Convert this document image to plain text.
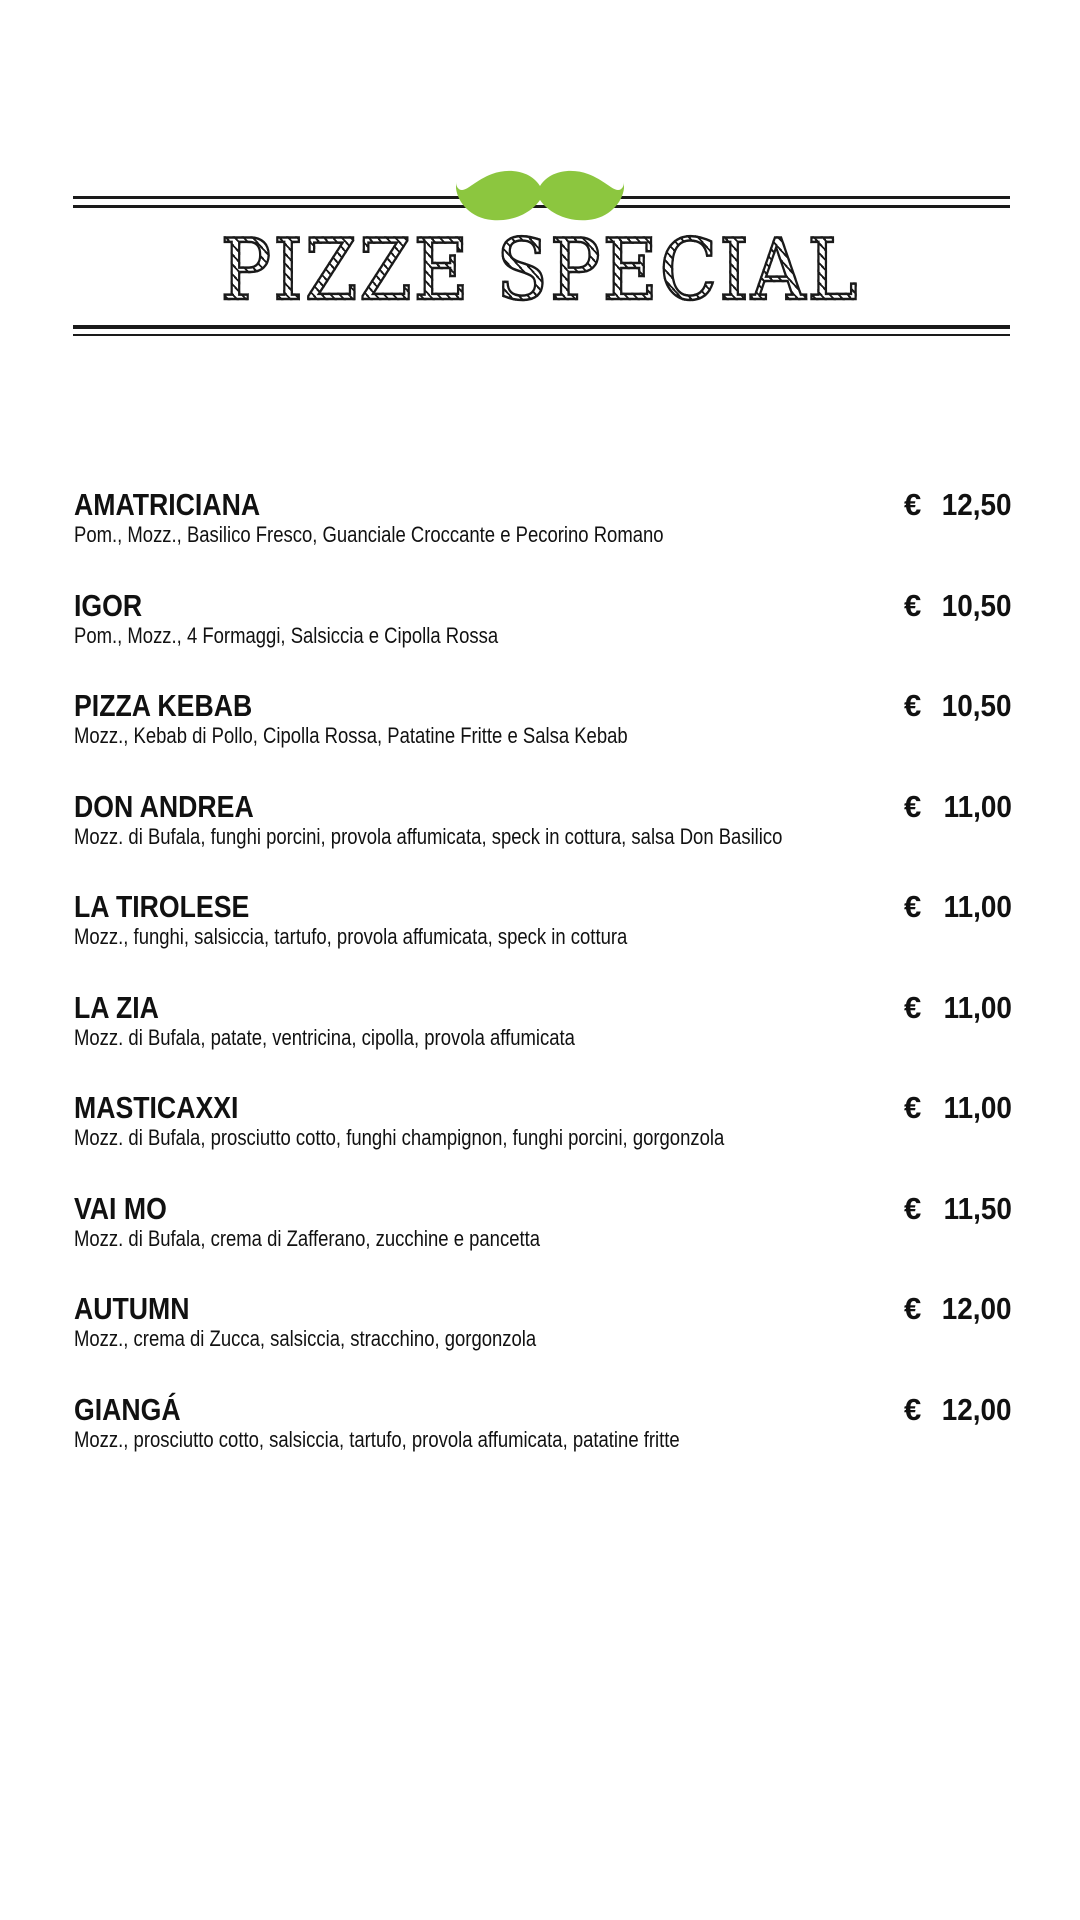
PIZZE SPECIAL
AMATRICIANA
Pom., Mozz., Basilico Fresco, Guanciale Croccante e Pecorino Romano
€ 12,50
IGOR
Pom., Mozz., 4 Formaggi, Salsiccia e Cipolla Rossa
€ 10,50
PIZZA KEBAB
Mozz., Kebab di Pollo, Cipolla Rossa, Patatine Fritte e Salsa Kebab
€ 10,50
DON ANDREA
Mozz. di Bufala, funghi porcini, provola affumicata, speck in cottura, salsa Don Basilico
€ 11,00
LA TIROLESE
Mozz., funghi, salsiccia, tartufo, provola affumicata, speck in cottura
€ 11,00
LA ZIA
Mozz. di Bufala, patate, ventricina, cipolla, provola affumicata
€ 11,00
MASTICAXXI
Mozz. di Bufala, prosciutto cotto, funghi champignon, funghi porcini, gorgonzola
€ 11,00
VAI MO
Mozz. di Bufala, crema di Zafferano, zucchine e pancetta
€ 11,50
AUTUMN
Mozz., crema di Zucca, salsiccia, stracchino, gorgonzola
€ 12,00
GIANGÁ
Mozz., prosciutto cotto, salsiccia, tartufo, provola affumicata, patatine fritte
€ 12,00
